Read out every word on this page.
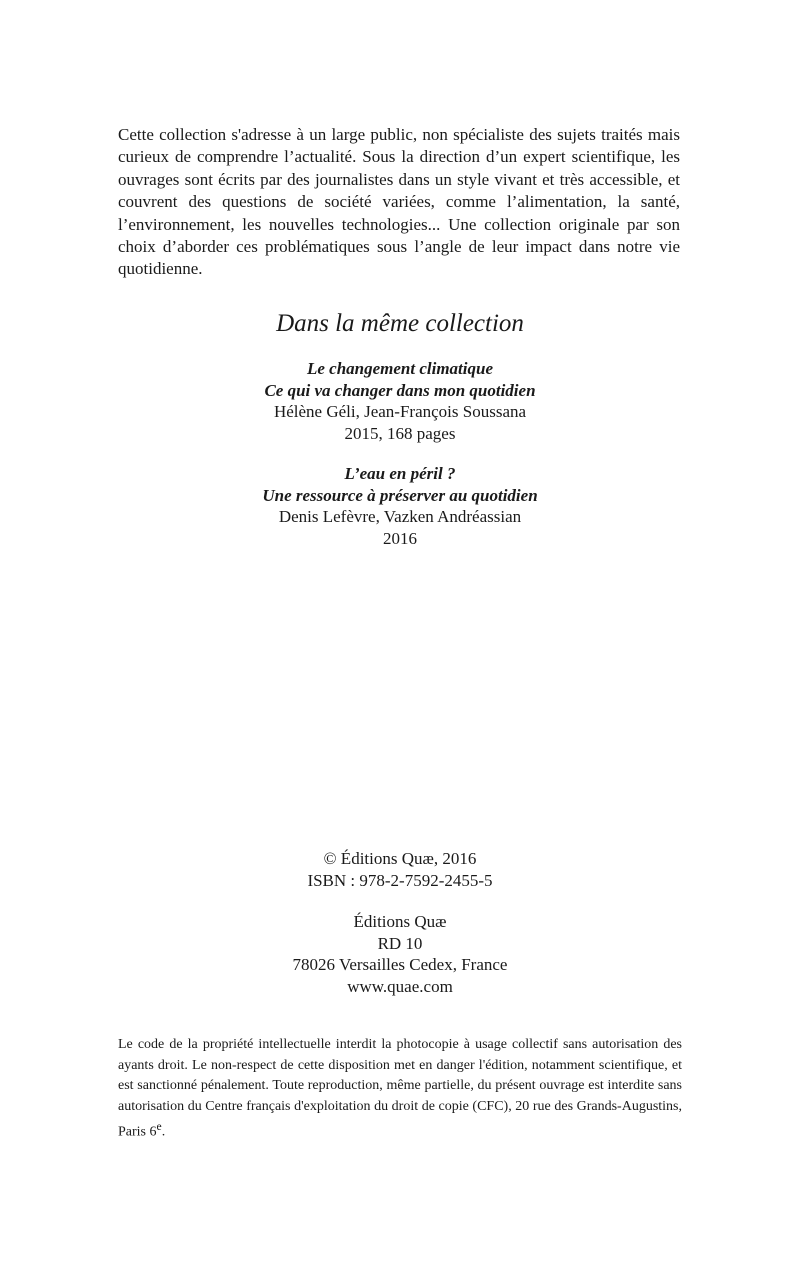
Cette collection s'adresse à un large public, non spécialiste des sujets traités mais curieux de comprendre l’actualité. Sous la direction d’un expert scientifique, les ouvrages sont écrits par des journalistes dans un style vivant et très accessible, et couvrent des questions de société variées, comme l’alimentation, la santé, l’environnement, les nouvelles technologies... Une collection originale par son choix d’aborder ces problématiques sous l’angle de leur impact dans notre vie quotidienne.

Dans la même collection
Le changement climatique
Ce qui va changer dans mon quotidien
Hélène Géli, Jean-François Soussana
2015, 168 pages
L’eau en péril ?
Une ressource à préserver au quotidien
Denis Lefèvre, Vazken Andréassian
2016
© Éditions Quæ, 2016
ISBN : 978-2-7592-2455-5
Éditions Quæ
RD 10
78026 Versailles Cedex, France
www.quae.com

Le code de la propriété intellectuelle interdit la photocopie à usage collectif sans autorisation des ayants droit. Le non-respect de cette disposition met en danger l'édition, notamment scientifique, et est sanctionné pénalement. Toute reproduction, même partielle, du présent ouvrage est interdite sans autorisation du Centre français d'exploitation du droit de copie (CFC), 20 rue des Grands-Augustins, Paris 6e.
